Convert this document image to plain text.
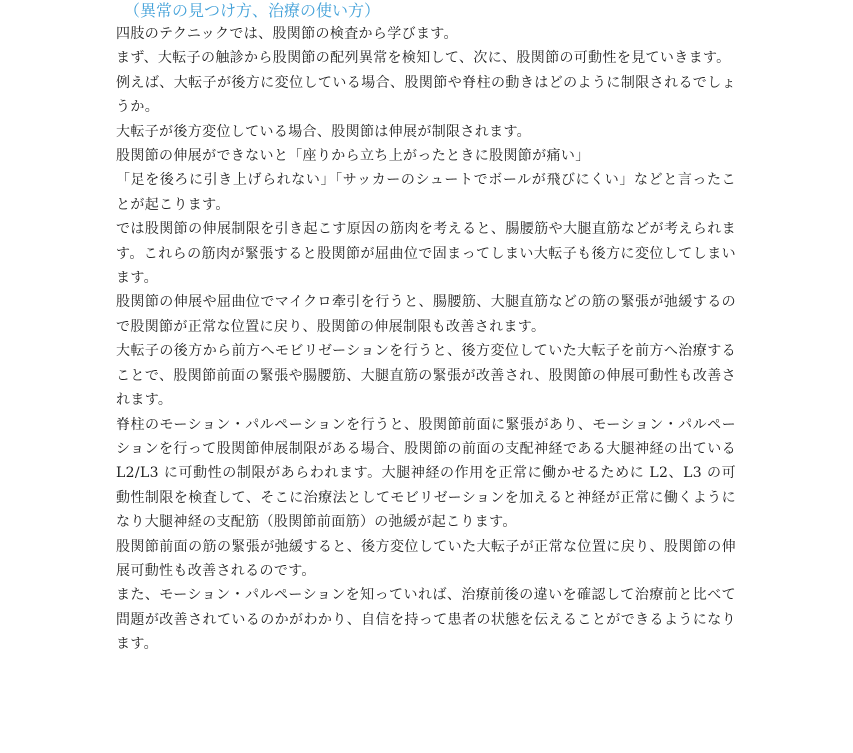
（異常の見つけ方、治療の使い方）

四肢のテクニックでは、股関節の検査から学びます。

まず、大転子の触診から股関節の配列異常を検知して、次に、股関節の可動性を見ていきます。

例えば、大転子が後方に変位している場合、股関節や脊柱の動きはどのように制限されるでしょうか。

大転子が後方変位している場合、股関節は伸展が制限されます。

股関節の伸展ができないと「座りから立ち上がったときに股関節が痛い」

「足を後ろに引き上げられない」「サッカーのシュートでボールが飛びにくい」などと言ったことが起こります。

では股関節の伸展制限を引き起こす原因の筋肉を考えると、腸腰筋や大腿直筋などが考えられます。これらの筋肉が緊張すると股関節が屈曲位で固まってしまい大転子も後方に変位してしまいます。

股関節の伸展や屈曲位でマイクロ牽引を行うと、腸腰筋、大腿直筋などの筋の緊張が弛緩するので股関節が正常な位置に戻り、股関節の伸展制限も改善されます。

大転子の後方から前方へモビリゼーションを行うと、後方変位していた大転子を前方へ治療することで、股関節前面の緊張や腸腰筋、大腿直筋の緊張が改善され、股関節の伸展可動性も改善されます。

脊柱のモーション・パルペーションを行うと、股関節前面に緊張があり、モーション・パルペーションを行って股関節伸展制限がある場合、股関節の前面の支配神経である大腿神経の出ている L2/L3 に可動性の制限があらわれます。大腿神経の作用を正常に働かせるために L2、L3 の可動性制限を検査して、そこに治療法としてモビリゼーションを加えると神経が正常に働くようになり大腿神経の支配筋（股関節前面筋）の弛緩が起こります。

股関節前面の筋の緊張が弛緩すると、後方変位していた大転子が正常な位置に戻り、股関節の伸展可動性も改善されるのです。

また、モーション・パルペーションを知っていれば、治療前後の違いを確認して治療前と比べて問題が改善されているのかがわかり、自信を持って患者の状態を伝えることができるようになります。
